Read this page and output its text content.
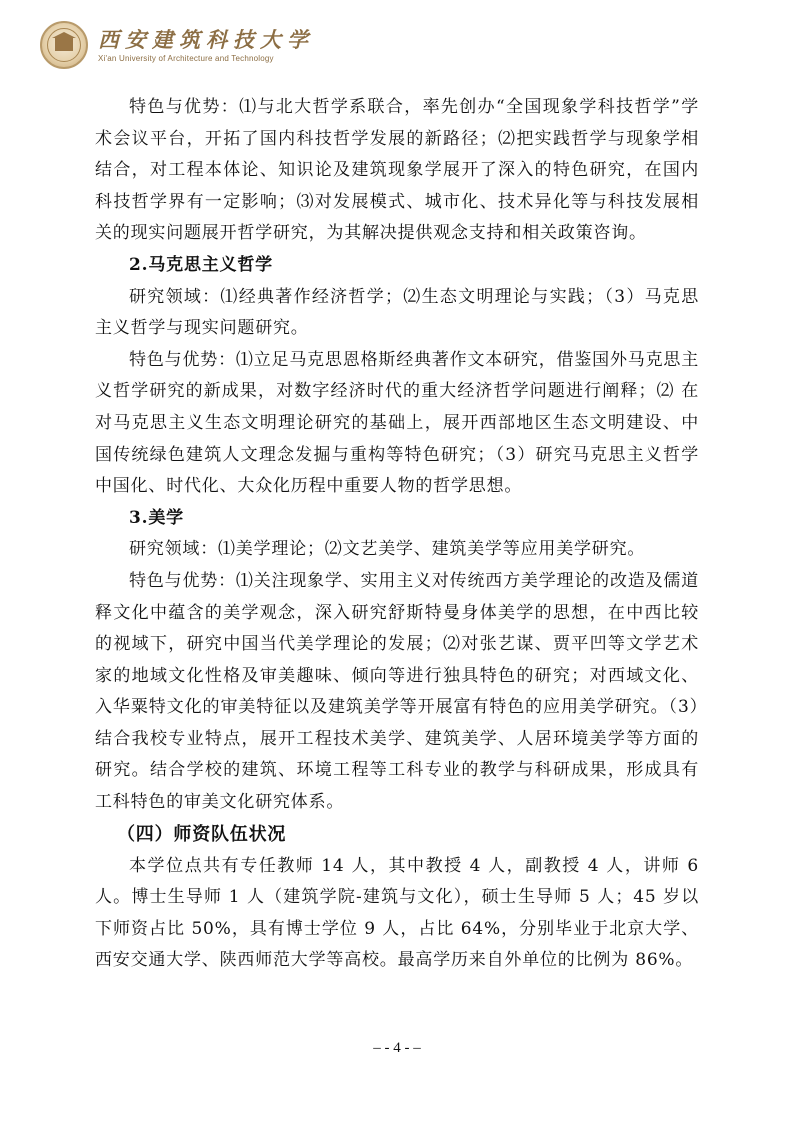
西安建筑科技大学
Xi'an University of Architecture and Technology

特色与优势：⑴与北大哲学系联合，率先创办“全国现象学科技哲学”学术会议平台，开拓了国内科技哲学发展的新路径；⑵把实践哲学与现象学相结合，对工程本体论、知识论及建筑现象学展开了深入的特色研究，在国内科技哲学界有一定影响；⑶对发展模式、城市化、技术异化等与科技发展相关的现实问题展开哲学研究，为其解决提供观念支持和相关政策咨询。

2.马克思主义哲学

研究领域：⑴经典著作经济哲学；⑵生态文明理论与实践；（3）马克思主义哲学与现实问题研究。

特色与优势：⑴立足马克思恩格斯经典著作文本研究，借鉴国外马克思主义哲学研究的新成果，对数字经济时代的重大经济哲学问题进行阐释；⑵ 在对马克思主义生态文明理论研究的基础上，展开西部地区生态文明建设、中国传统绿色建筑人文理念发掘与重构等特色研究；（3）研究马克思主义哲学中国化、时代化、大众化历程中重要人物的哲学思想。

3.美学

研究领域：⑴美学理论；⑵文艺美学、建筑美学等应用美学研究。

特色与优势：⑴关注现象学、实用主义对传统西方美学理论的改造及儒道释文化中蕴含的美学观念，深入研究舒斯特曼身体美学的思想，在中西比较的视域下，研究中国当代美学理论的发展；⑵对张艺谋、贾平凹等文学艺术家的地域文化性格及审美趣味、倾向等进行独具特色的研究；对西域文化、入华粟特文化的审美特征以及建筑美学等开展富有特色的应用美学研究。（3）结合我校专业特点，展开工程技术美学、建筑美学、人居环境美学等方面的研究。结合学校的建筑、环境工程等工科专业的教学与科研成果，形成具有工科特色的审美文化研究体系。

（四）师资队伍状况

本学位点共有专任教师 14 人，其中教授 4 人，副教授 4 人，讲师 6 人。博士生导师 1 人（建筑学院-建筑与文化），硕士生导师 5 人；45 岁以下师资占比 50%，具有博士学位 9 人，占比 64%，分别毕业于北京大学、西安交通大学、陕西师范大学等高校。最高学历来自外单位的比例为 86%。

– - 4 - –
